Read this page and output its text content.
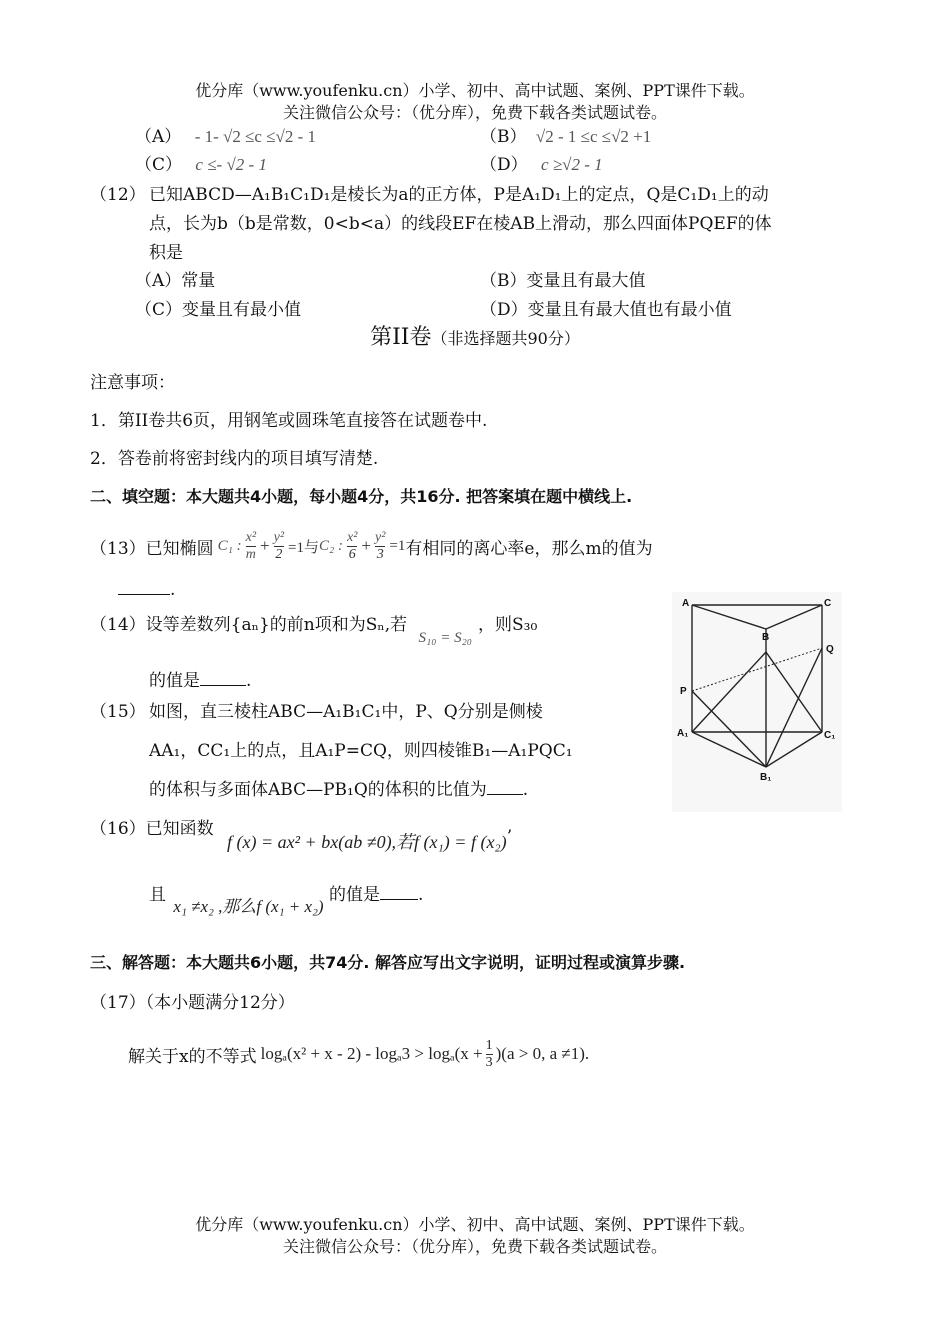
优分库（www.youfenku.cn）小学、初中、高中试题、案例、PPT课件下载。
关注微信公众号：（优分库），免费下载各类试题试卷。
（A） - 1- √2 ≤c ≤√2 - 1	（B） √2 - 1 ≤c ≤√2 +1
（C） c ≤- √2 - 1	（D） c ≥√2 - 1
（12） 已知ABCD—A₁B₁C₁D₁是棱长为a的正方体，P是A₁D₁上的定点，Q是C₁D₁上的动
点，长为b（b是常数，0<b<a）的线段EF在棱AB上滑动，那么四面体PQEF的体
积是
（A）常量	（B）变量且有最大值
（C）变量且有最小值	（D）变量且有最大值也有最小值
第II卷（非选择题共90分）
注意事项：
1．第II卷共6页，用钢笔或圆珠笔直接答在试题卷中.
2．答卷前将密封线内的项目填写清楚.
二、填空题：本大题共4小题，每小题4分，共16分. 把答案填在题中横线上.
（13） 已知椭圆 C₁ : $\frac{\text{x²}}{m} + \frac{\text{y²}}{2} =1$与 C₂ : $\frac{\text{x²}}{6} + \frac{\text{y²}}{3} =1$ 有相同的离心率e，那么m的值为
.
（14）设等差数列{aₙ}的前n项和为Sₙ,若 S₁₀ = S₂₀，则S₃₀
的值是	.
（15） 如图，直三棱柱ABC—A₁B₁C₁中，P、Q分别是侧棱
AA₁，CC₁上的点，且A₁P=CQ，则四棱锥B₁—A₁PQC₁
的体积与多面体ABC—PB₁Q的体积的比值为 .
A
B
C
Q
P
A₁
B₁
C₁
（16）已知函数 f (x) = ax² + bx(ab ≠0),若f (x₁) = f (x₂)’
且 x₁ ≠x₂ ,那么f (x₁ + x₂) 的值是 .
三、解答题：本大题共6小题，共74分. 解答应写出文字说明，证明过程或演算步骤.
（17）（本小题满分12分）
解关于x的不等式 $\log_a(x^2 + x - 2) - \log_a3 > \log_a(x + \frac{1}{3} )(a > 0$, a ≠1).
优分库（www.youfenku.cn）小学、初中、高中试题、案例、PPT课件下载。
关注微信公众号：（优分库），免费下载各类试题试卷。
